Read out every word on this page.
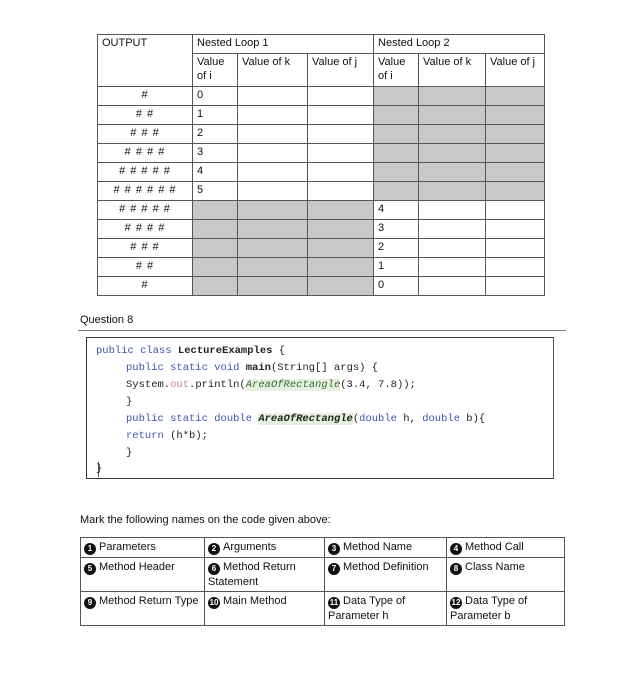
OUTPUT	Nested Loop 1			Nested Loop 2		
	Value of i	Value of k	Value of j	Value of i	Value of k	Value of j
#	0					
# #	1					
# # #	2					
# # # #	3					
# # # # #	4					
# # # # # #	5					
# # # # #				4		
# # # #				3		
# # #				2		
# #				1		
#				0		
Question 8
public class LectureExamples {
public static void main(String[] args) {
System.out.println(AreaOfRectangle(3.4, 7.8));
}
public static double AreaOfRectangle(double h, double b){
return (h*b);
}
}
Mark the following names on the code given above:
1 Parameters	2 Arguments	3 Method Name	4 Method Call
5 Method Header	6 Method Return Statement	7 Method Definition	8 Class Name
9 Method Return Type	10 Main Method	11 Data Type of Parameter h	12 Data Type of Parameter b
